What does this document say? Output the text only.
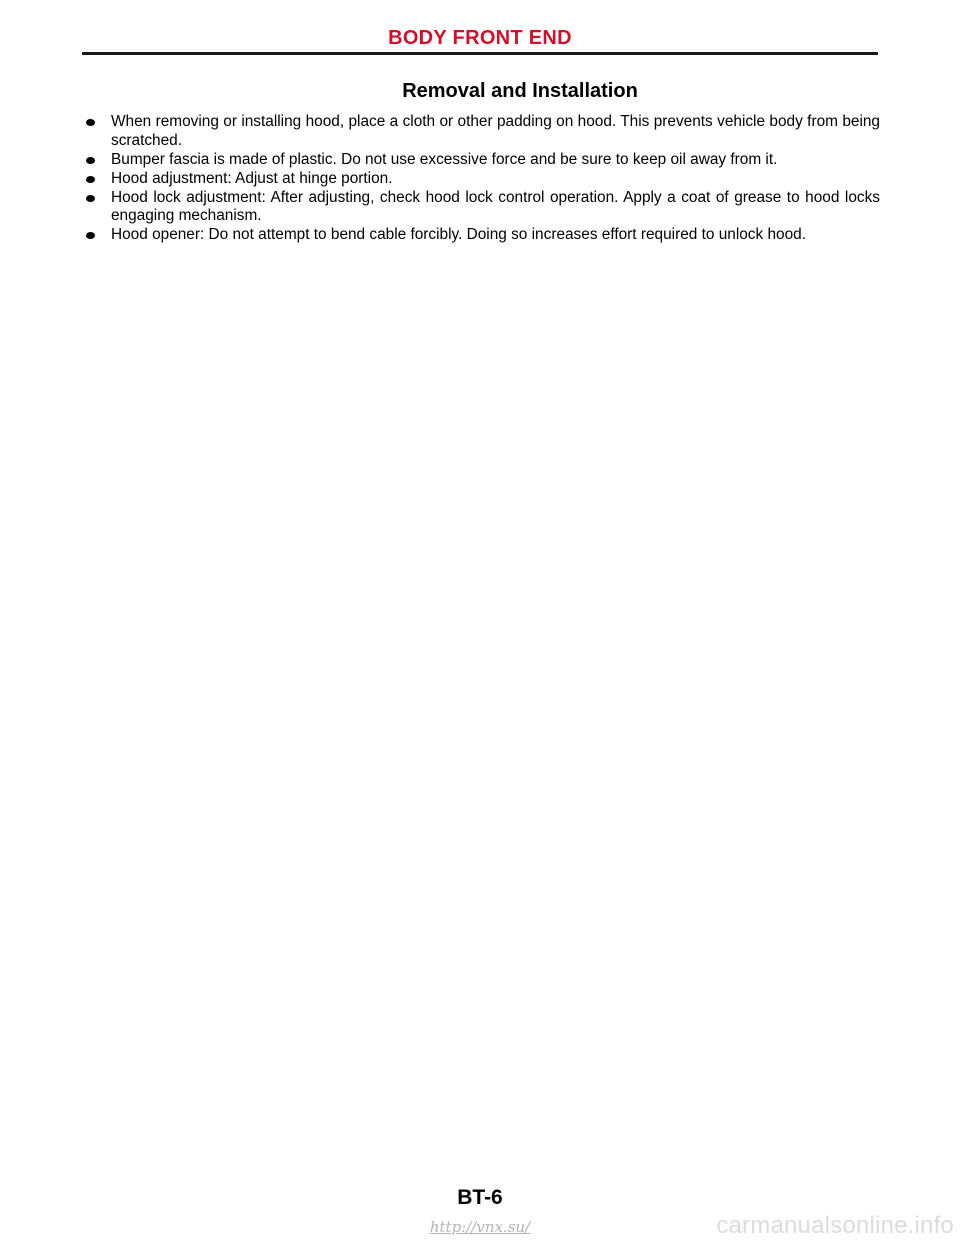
BODY FRONT END
Removal and Installation
When removing or installing hood, place a cloth or other padding on hood. This prevents vehicle body from being scratched.
Bumper fascia is made of plastic. Do not use excessive force and be sure to keep oil away from it.
Hood adjustment: Adjust at hinge portion.
Hood lock adjustment: After adjusting, check hood lock control operation. Apply a coat of grease to hood locks engaging mechanism.
Hood opener: Do not attempt to bend cable forcibly. Doing so increases effort required to unlock hood.
BT-6
http://vnx.su/	carmanualsonline.info
